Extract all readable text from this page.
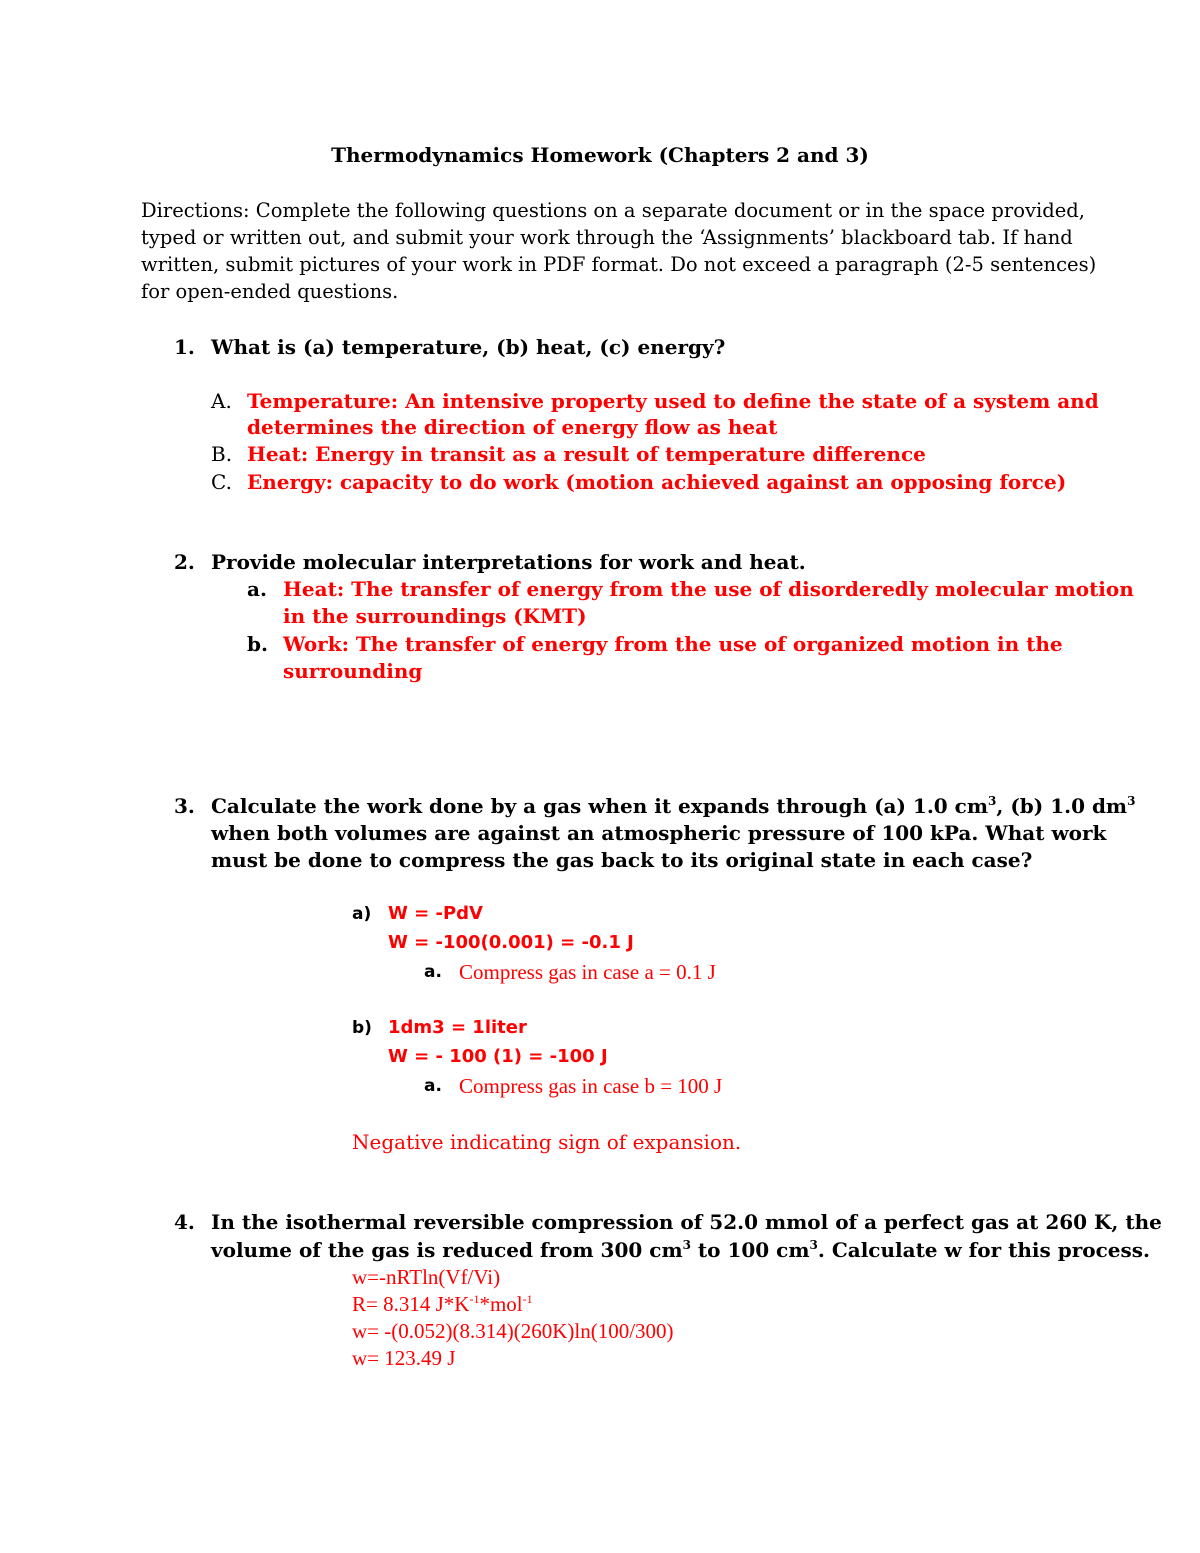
Thermodynamics Homework (Chapters 2 and 3)

Directions: Complete the following questions on a separate document or in the space provided,

typed or written out, and submit your work through the ‘Assignments’ blackboard tab. If hand

written, submit pictures of your work in PDF format. Do not exceed a paragraph (2-5 sentences)

for open-ended questions.

1. What is (a) temperature, (b) heat, (c) energy?

A. Temperature: An intensive property used to define the state of a system and

determines the direction of energy flow as heat

B. Heat: Energy in transit as a result of temperature difference

C. Energy: capacity to do work (motion achieved against an opposing force)

2. Provide molecular interpretations for work and heat.

a. Heat: The transfer of energy from the use of disorderedly molecular motion

in the surroundings (KMT)

b. Work: The transfer of energy from the use of organized motion in the

surrounding

3. Calculate the work done by a gas when it expands through (a) 1.0 $cm^3$, (b) 1.0 $dm^3$

when both volumes are against an atmospheric pressure of 100 kPa. What work

must be done to compress the gas back to its original state in each case?

a) W = -PdV

W = -100(0.001) = -0.1 J

a. Compress gas in case a = 0.1 J

b) 1dm3 = 1liter

W = - 100 (1) = -100 J

a. Compress gas in case b = 100 J

Negative indicating sign of expansion.

4. In the isothermal reversible compression of 52.0 mmol of a perfect gas at 260 K, the

volume of the gas is reduced from 300 $cm^3$ to 100 $cm^3$. Calculate w for this process.

w=-nRTln(Vf/Vi)

R= 8.314 $J*K^{-1}*mol^{-1}$

w= -(0.052)(8.314)(260K)ln(100/300)

w= 123.49 J
